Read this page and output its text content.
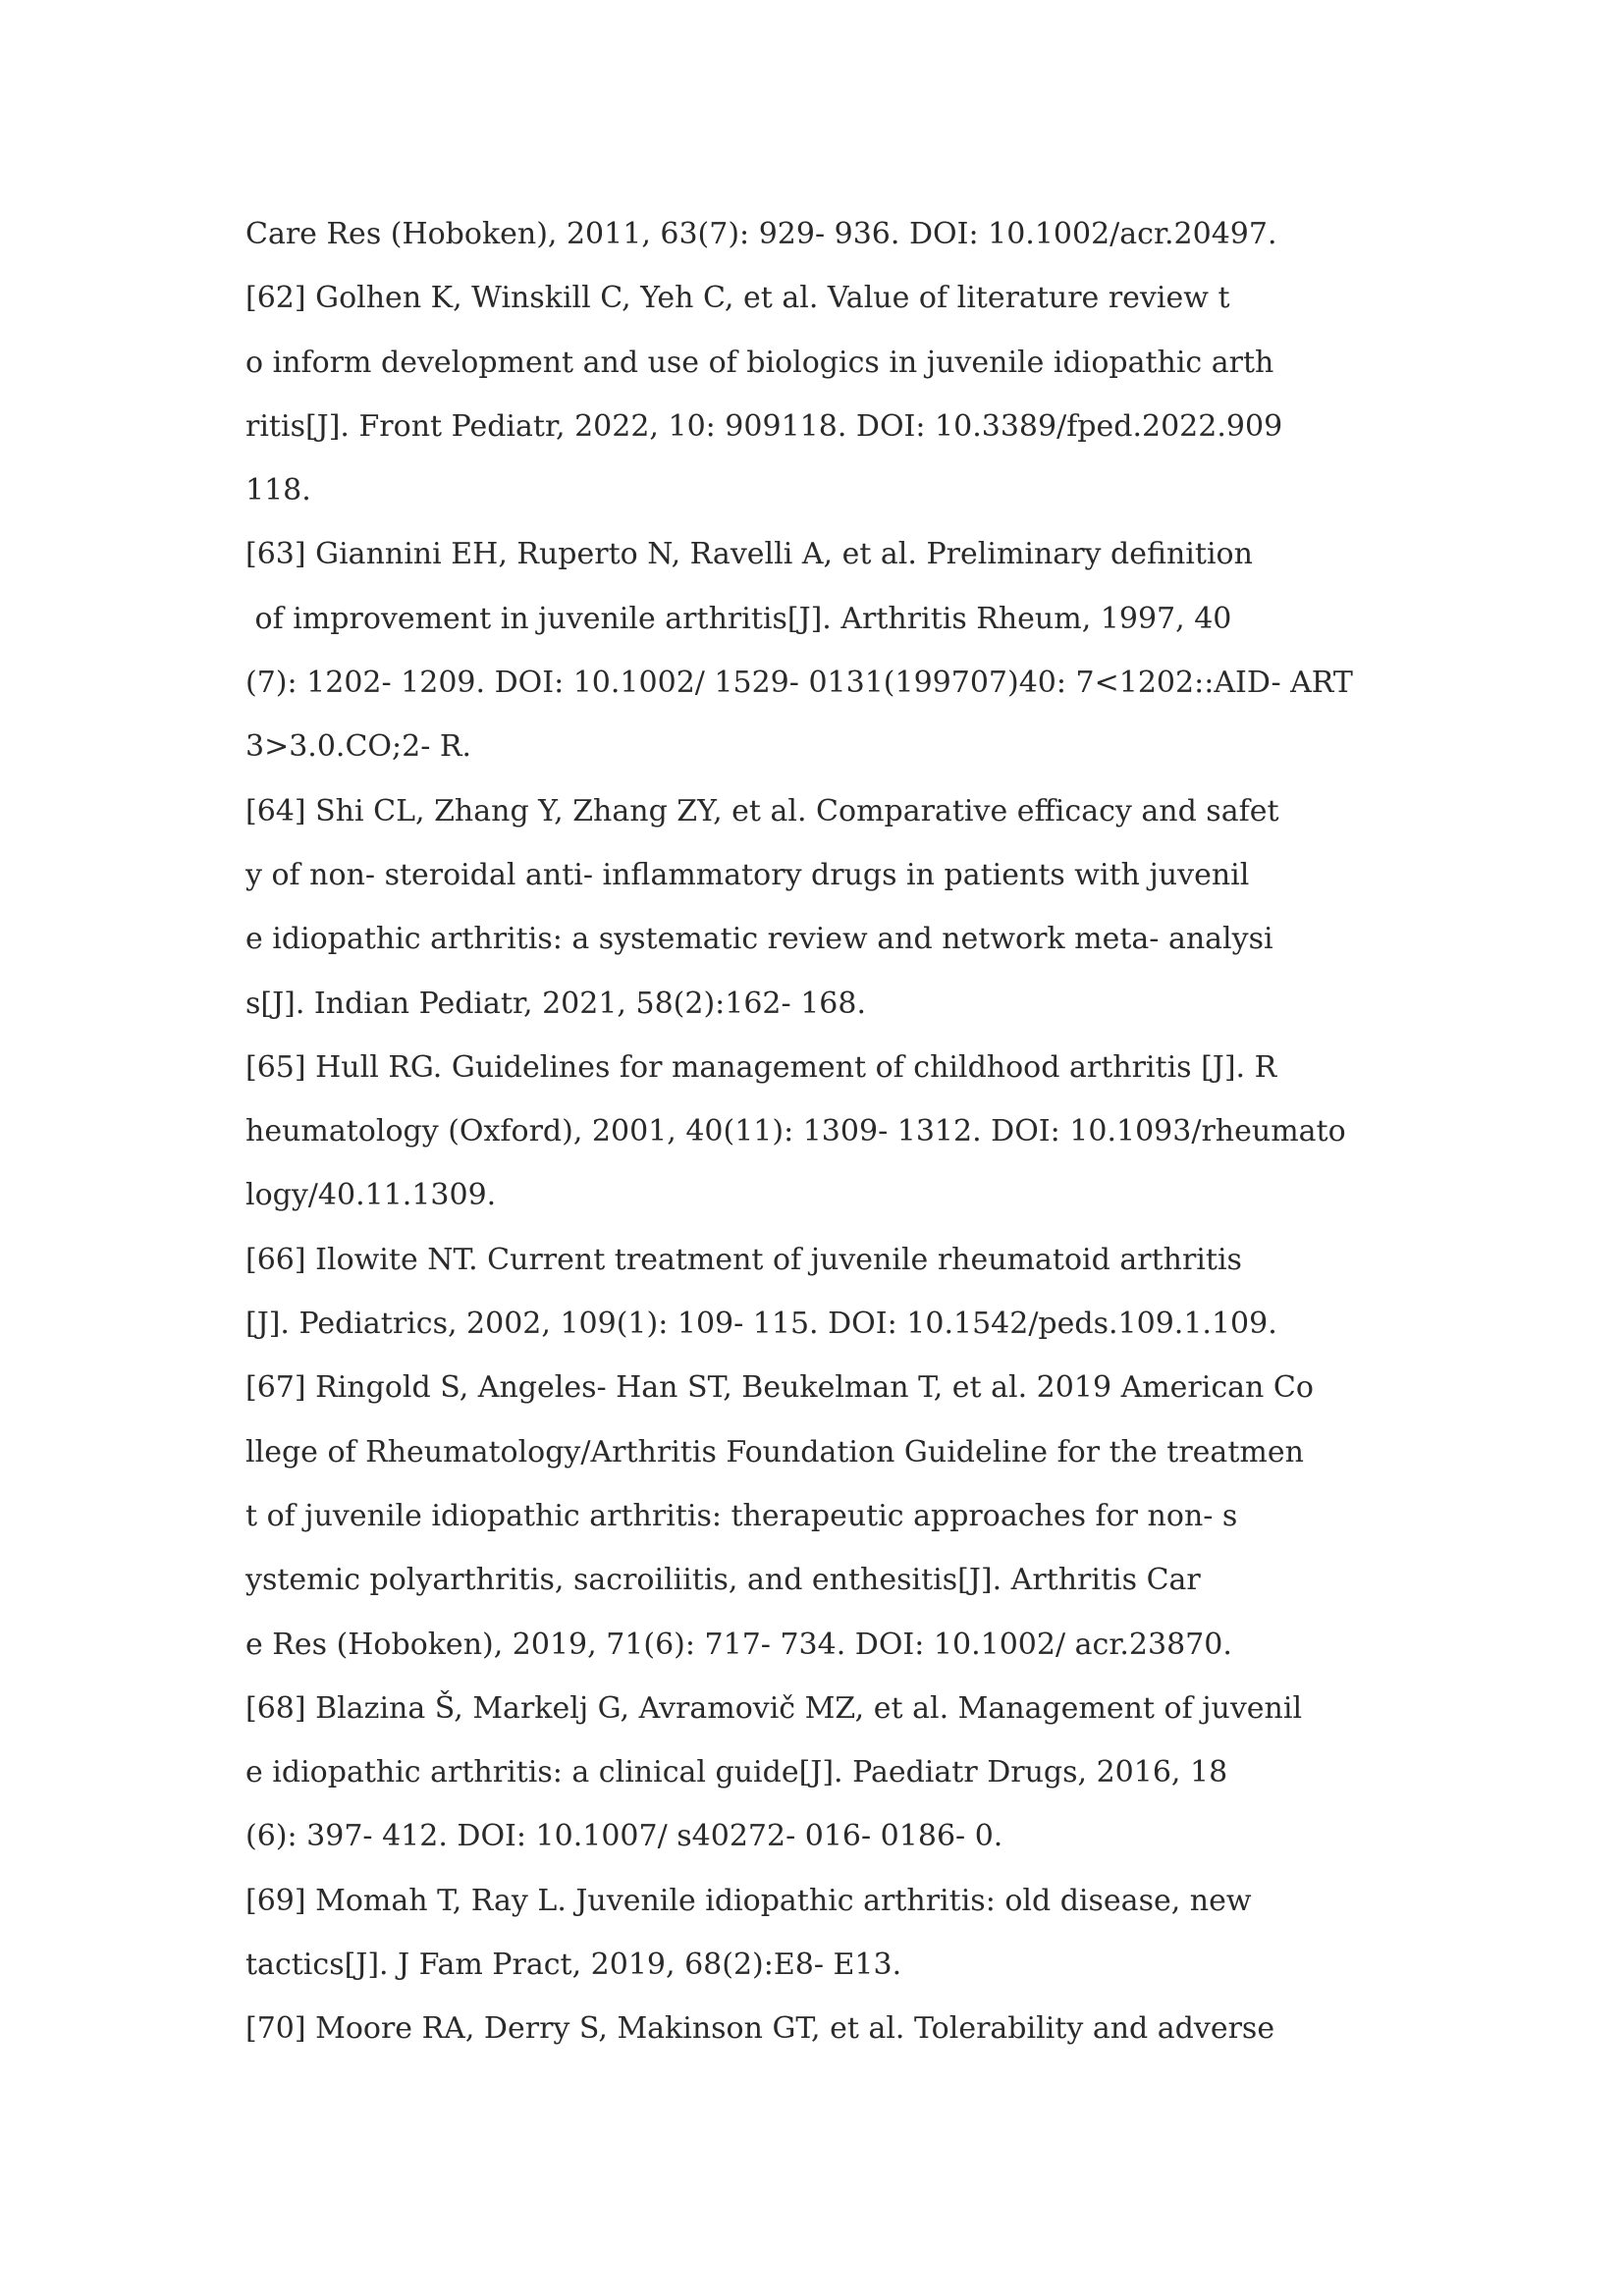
Care Res (Hoboken), 2011, 63(7): 929- 936. DOI: 10.1002/acr.20497.
[62] Golhen K, Winskill C, Yeh C, et al. Value of literature review t
o inform development and use of biologics in juvenile idiopathic arth
ritis[J]. Front Pediatr, 2022, 10: 909118. DOI: 10.3389/fped.2022.909
118.
[63] Giannini EH, Ruperto N, Ravelli A, et al. Preliminary definition
of improvement in juvenile arthritis[J]. Arthritis Rheum, 1997, 40
(7): 1202- 1209. DOI: 10.1002/ 1529- 0131(199707)40: 7<1202::AID- ART
3>3.0.CO;2- R.
[64] Shi CL, Zhang Y, Zhang ZY, et al. Comparative efficacy and safet
y of non- steroidal anti- inflammatory drugs in patients with juvenil
e idiopathic arthritis: a systematic review and network meta- analysi
s[J]. Indian Pediatr, 2021, 58(2):162- 168.
[65] Hull RG. Guidelines for management of childhood arthritis [J]. R
heumatology (Oxford), 2001, 40(11): 1309- 1312. DOI: 10.1093/rheumato
logy/40.11.1309.
[66] Ilowite NT. Current treatment of juvenile rheumatoid arthritis
[J]. Pediatrics, 2002, 109(1): 109- 115. DOI: 10.1542/peds.109.1.109.
[67] Ringold S, Angeles- Han ST, Beukelman T, et al. 2019 American Co
llege of Rheumatology/Arthritis Foundation Guideline for the treatmen
t of juvenile idiopathic arthritis: therapeutic approaches for non- s
ystemic polyarthritis, sacroiliitis, and enthesitis[J]. Arthritis Car
e Res (Hoboken), 2019, 71(6): 717- 734. DOI: 10.1002/ acr.23870.
[68] Blazina Š, Markelj G, Avramovič MZ, et al. Management of juvenil
e idiopathic arthritis: a clinical guide[J]. Paediatr Drugs, 2016, 18
(6): 397- 412. DOI: 10.1007/ s40272- 016- 0186- 0.
[69] Momah T, Ray L. Juvenile idiopathic arthritis: old disease, new
tactics[J]. J Fam Pract, 2019, 68(2):E8- E13.
[70] Moore RA, Derry S, Makinson GT, et al. Tolerability and adverse
